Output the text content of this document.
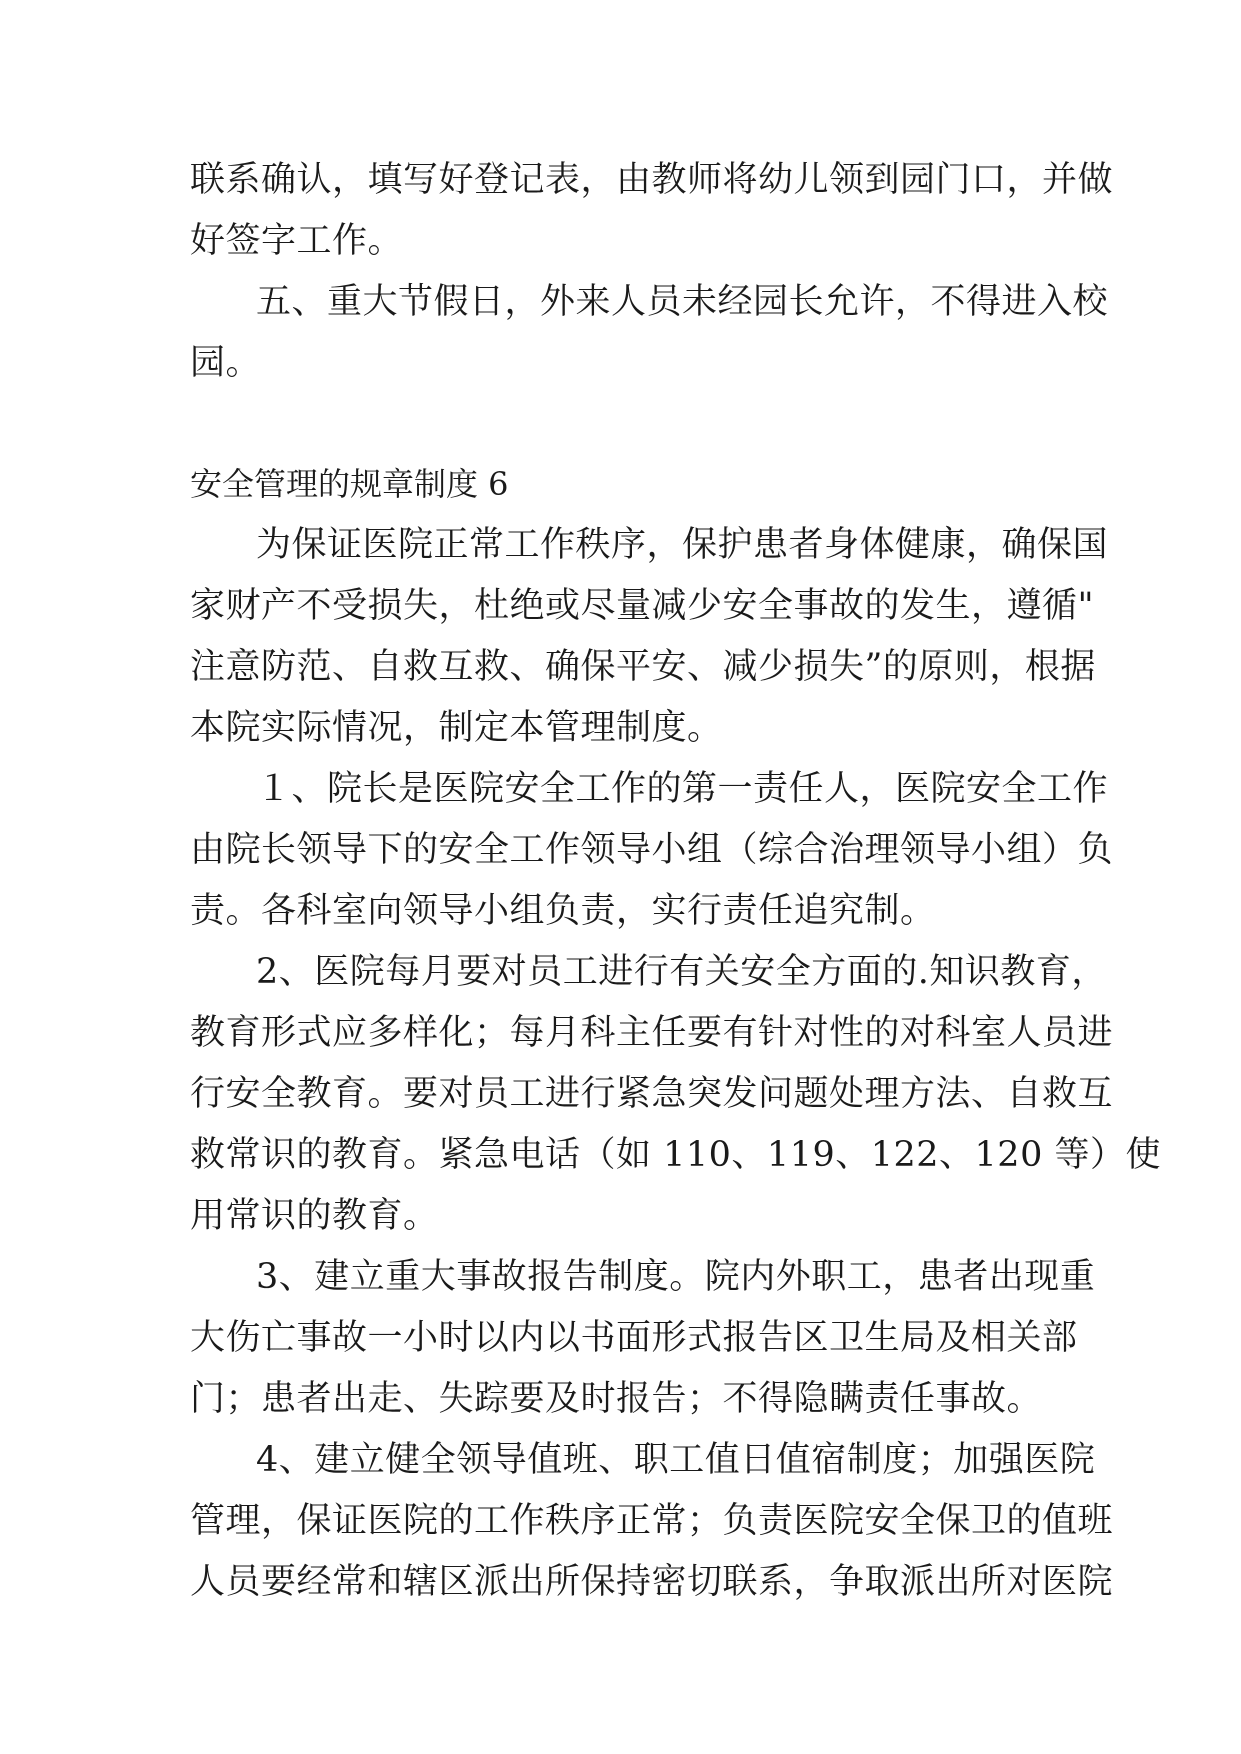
联系确认，填写好登记表，由教师将幼儿领到园门口，并做
好签字工作。
五、重大节假日，外来人员未经园长允许，不得进入校
园。
安全管理的规章制度 6
为保证医院正常工作秩序，保护患者身体健康，确保国
家财产不受损失，杜绝或尽量减少安全事故的发生，遵循"
注意防范、自救互救、确保平安、减少损失”的原则，根据
本院实际情况，制定本管理制度。
１、院长是医院安全工作的第一责任人，医院安全工作
由院长领导下的安全工作领导小组（综合治理领导小组）负
责。各科室向领导小组负责，实行责任追究制。
2、医院每月要对员工进行有关安全方面的.知识教育，
教育形式应多样化；每月科主任要有针对性的对科室人员进
行安全教育。要对员工进行紧急突发问题处理方法、自救互
救常识的教育。紧急电话（如 110、119、122、120 等）使
用常识的教育。
3、建立重大事故报告制度。院内外职工，患者出现重
大伤亡事故一小时以内以书面形式报告区卫生局及相关部
门；患者出走、失踪要及时报告；不得隐瞒责任事故。
4、建立健全领导值班、职工值日值宿制度；加强医院
管理，保证医院的工作秩序正常；负责医院安全保卫的值班
人员要经常和辖区派出所保持密切联系，争取派出所对医院
